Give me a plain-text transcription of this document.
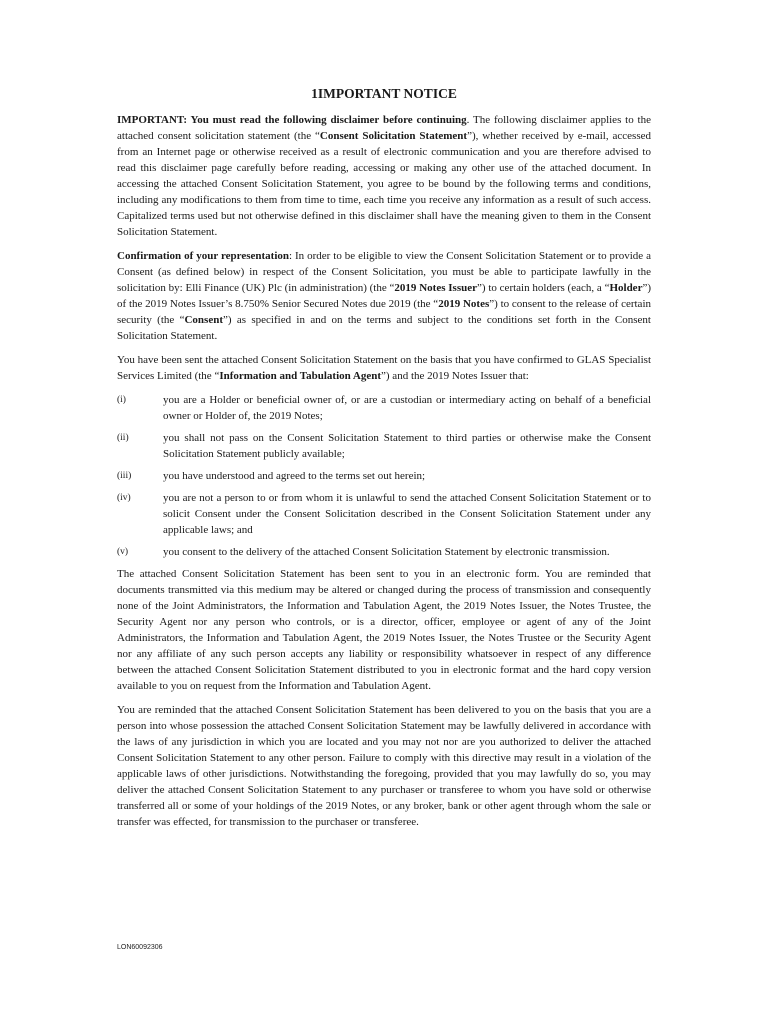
1IMPORTANT NOTICE

IMPORTANT: You must read the following disclaimer before continuing. The following disclaimer applies to the attached consent solicitation statement (the “Consent Solicitation Statement”), whether received by e-mail, accessed from an Internet page or otherwise received as a result of electronic communication and you are therefore advised to read this disclaimer page carefully before reading, accessing or making any other use of the attached document. In accessing the attached Consent Solicitation Statement, you agree to be bound by the following terms and conditions, including any modifications to them from time to time, each time you receive any information as a result of such access. Capitalized terms used but not otherwise defined in this disclaimer shall have the meaning given to them in the Consent Solicitation Statement.

Confirmation of your representation: In order to be eligible to view the Consent Solicitation Statement or to provide a Consent (as defined below) in respect of the Consent Solicitation, you must be able to participate lawfully in the solicitation by: Elli Finance (UK) Plc (in administration) (the “2019 Notes Issuer”) to certain holders (each, a “Holder”) of the 2019 Notes Issuer’s 8.750% Senior Secured Notes due 2019 (the “2019 Notes”) to consent to the release of certain security (the “Consent”) as specified in and on the terms and subject to the conditions set forth in the Consent Solicitation Statement.

You have been sent the attached Consent Solicitation Statement on the basis that you have confirmed to GLAS Specialist Services Limited (the “Information and Tabulation Agent”) and the 2019 Notes Issuer that:

(i)	you are a Holder or beneficial owner of, or are a custodian or intermediary acting on behalf of a beneficial owner or Holder of, the 2019 Notes;
(ii)	you shall not pass on the Consent Solicitation Statement to third parties or otherwise make the Consent Solicitation Statement publicly available;
(iii)	you have understood and agreed to the terms set out herein;
(iv)	you are not a person to or from whom it is unlawful to send the attached Consent Solicitation Statement or to solicit Consent under the Consent Solicitation described in the Consent Solicitation Statement under any applicable laws; and
(v)	you consent to the delivery of the attached Consent Solicitation Statement by electronic transmission.

The attached Consent Solicitation Statement has been sent to you in an electronic form. You are reminded that documents transmitted via this medium may be altered or changed during the process of transmission and consequently none of the Joint Administrators, the Information and Tabulation Agent, the 2019 Notes Issuer, the Notes Trustee, the Security Agent nor any person who controls, or is a director, officer, employee or agent of any of the Joint Administrators, the Information and Tabulation Agent, the 2019 Notes Issuer, the Notes Trustee or the Security Agent nor any affiliate of any such person accepts any liability or responsibility whatsoever in respect of any difference between the attached Consent Solicitation Statement distributed to you in electronic format and the hard copy version available to you on request from the Information and Tabulation Agent.

You are reminded that the attached Consent Solicitation Statement has been delivered to you on the basis that you are a person into whose possession the attached Consent Solicitation Statement may be lawfully delivered in accordance with the laws of any jurisdiction in which you are located and you may not nor are you authorized to deliver the attached Consent Solicitation Statement to any other person. Failure to comply with this directive may result in a violation of the applicable laws of other jurisdictions. Notwithstanding the foregoing, provided that you may lawfully do so, you may deliver the attached Consent Solicitation Statement to any purchaser or transferee to whom you have sold or otherwise transferred all or some of your holdings of the 2019 Notes, or any broker, bank or other agent through whom the sale or transfer was effected, for transmission to the purchaser or transferee.

LON60092306
